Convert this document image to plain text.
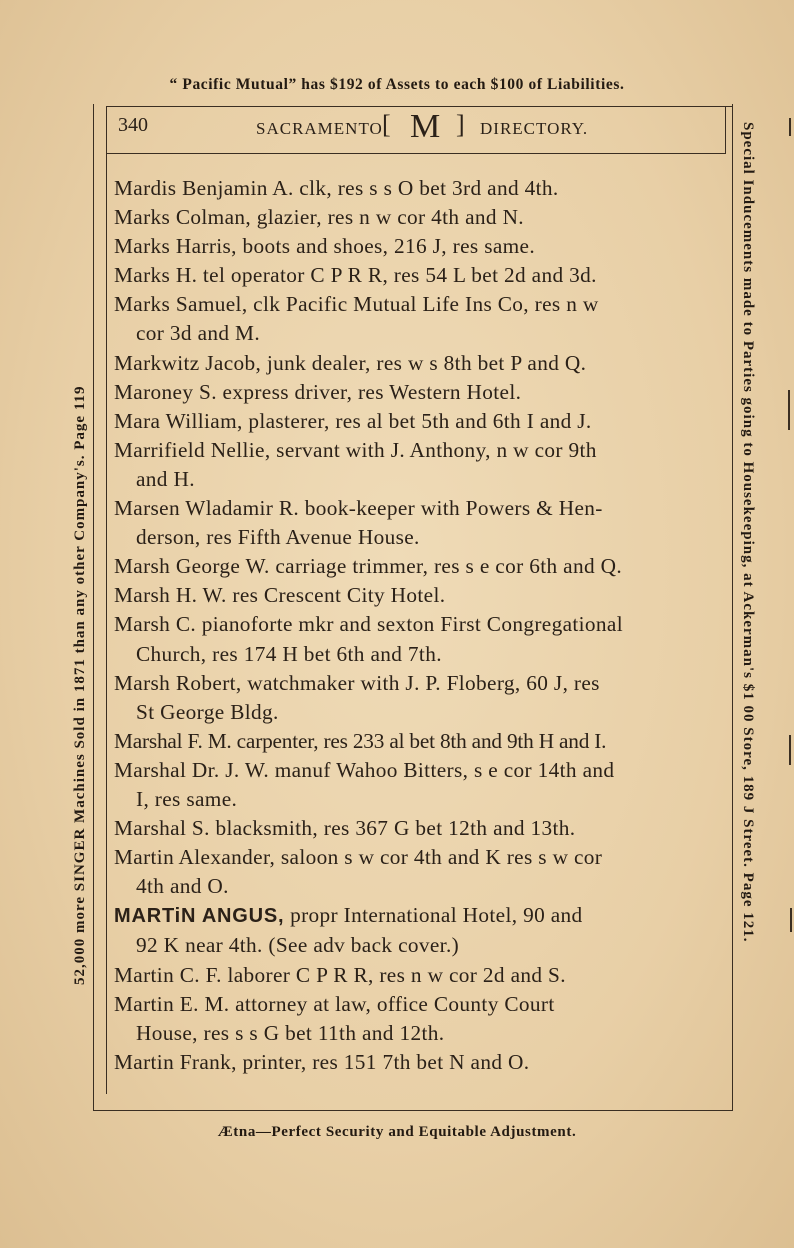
“ Pacific Mutual” has $192 of Assets to each $100 of Liabilities.
52,000 more SINGER Machines Sold in 1871 than any other Company's. Page 119	Special Inducements made to Parties going to Housekeeping, at Ackerman's $1 00 Store, 189 J Street. Page 121.
340	SACRAMENTO [ M ] DIRECTORY.
Mardis Benjamin A. clk, res s s O bet 3rd and 4th.
Marks Colman, glazier, res n w cor 4th and N.
Marks Harris, boots and shoes, 216 J, res same.
Marks H. tel operator C P R R, res 54 L bet 2d and 3d.
Marks Samuel, clk Pacific Mutual Life Ins Co, res n w
cor 3d and M.
Markwitz Jacob, junk dealer, res w s 8th bet P and Q.
Maroney S. express driver, res Western Hotel.
Mara William, plasterer, res al bet 5th and 6th I and J.
Marrifield Nellie, servant with J. Anthony, n w cor 9th
and H.
Marsen Wladamir R. book-keeper with Powers & Hen-
derson, res Fifth Avenue House.
Marsh George W. carriage trimmer, res s e cor 6th and Q.
Marsh H. W. res Crescent City Hotel.
Marsh C. pianoforte mkr and sexton First Congregational
Church, res 174 H bet 6th and 7th.
Marsh Robert, watchmaker with J. P. Floberg, 60 J, res
St George Bldg.
Marshal F. M. carpenter, res 233 al bet 8th and 9th H and I.
Marshal Dr. J. W. manuf Wahoo Bitters, s e cor 14th and
I, res same.
Marshal S. blacksmith, res 367 G bet 12th and 13th.
Martin Alexander, saloon s w cor 4th and K res s w cor
4th and O.
MARTiN ANGUS, propr International Hotel, 90 and
92 K near 4th. (See adv back cover.)
Martin C. F. laborer C P R R, res n w cor 2d and S.
Martin E. M. attorney at law, office County Court
House, res s s G bet 11th and 12th.
Martin Frank, printer, res 151 7th bet N and O.
Ætna—Perfect Security and Equitable Adjustment.
